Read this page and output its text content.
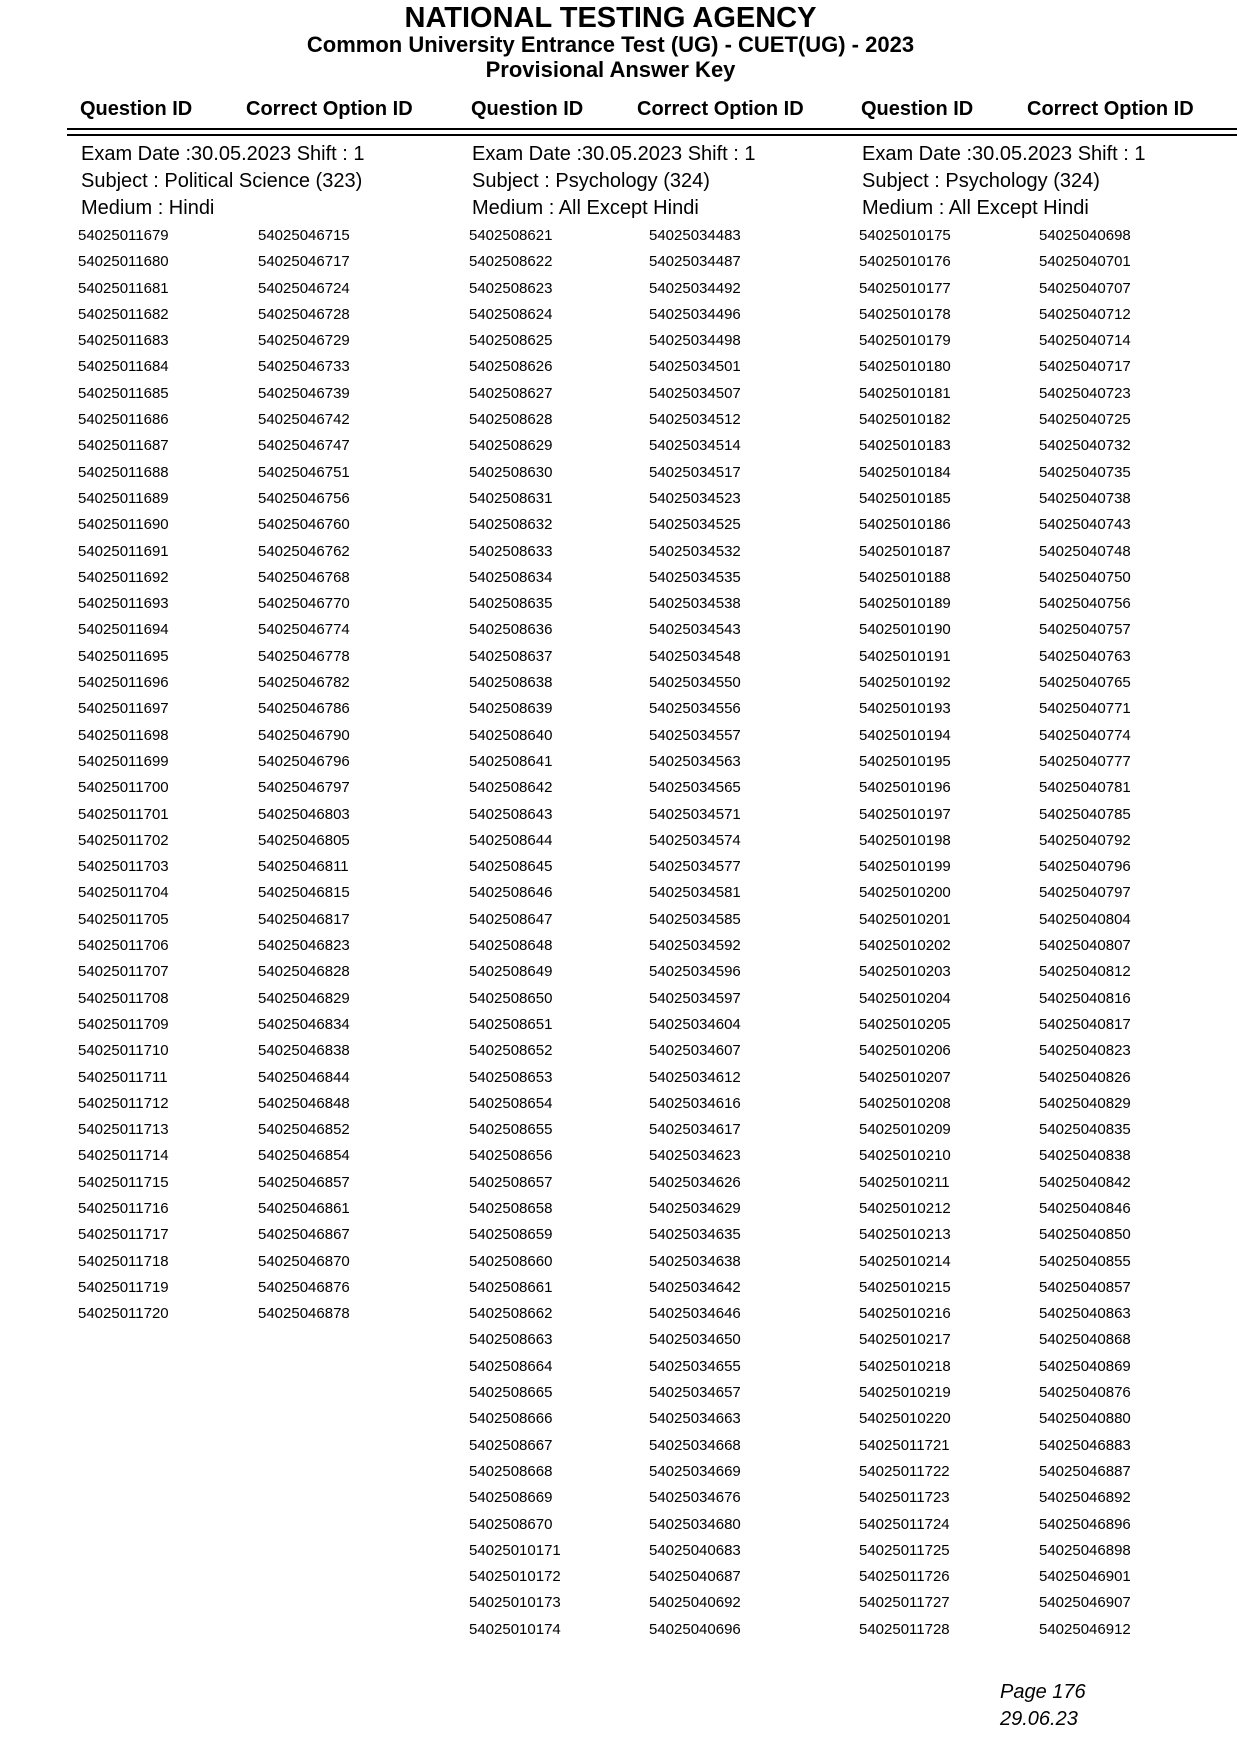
NATIONAL TESTING AGENCY
Common University Entrance Test (UG) - CUET(UG) - 2023
Provisional Answer Key
Question ID	Correct Option ID	Question ID	Correct Option ID	Question ID	Correct Option ID
Exam Date :30.05.2023 Shift : 1
Subject : Political Science (323)
Medium : Hindi
54025011679	54025046715
54025011680	54025046717
54025011681	54025046724
54025011682	54025046728
54025011683	54025046729
54025011684	54025046733
54025011685	54025046739
54025011686	54025046742
54025011687	54025046747
54025011688	54025046751
54025011689	54025046756
54025011690	54025046760
54025011691	54025046762
54025011692	54025046768
54025011693	54025046770
54025011694	54025046774
54025011695	54025046778
54025011696	54025046782
54025011697	54025046786
54025011698	54025046790
54025011699	54025046796
54025011700	54025046797
54025011701	54025046803
54025011702	54025046805
54025011703	54025046811
54025011704	54025046815
54025011705	54025046817
54025011706	54025046823
54025011707	54025046828
54025011708	54025046829
54025011709	54025046834
54025011710	54025046838
54025011711	54025046844
54025011712	54025046848
54025011713	54025046852
54025011714	54025046854
54025011715	54025046857
54025011716	54025046861
54025011717	54025046867
54025011718	54025046870
54025011719	54025046876
54025011720	54025046878
Exam Date :30.05.2023 Shift : 1
Subject : Psychology (324)
Medium : All Except Hindi
5402508621	54025034483
5402508622	54025034487
5402508623	54025034492
5402508624	54025034496
5402508625	54025034498
5402508626	54025034501
5402508627	54025034507
5402508628	54025034512
5402508629	54025034514
5402508630	54025034517
5402508631	54025034523
5402508632	54025034525
5402508633	54025034532
5402508634	54025034535
5402508635	54025034538
5402508636	54025034543
5402508637	54025034548
5402508638	54025034550
5402508639	54025034556
5402508640	54025034557
5402508641	54025034563
5402508642	54025034565
5402508643	54025034571
5402508644	54025034574
5402508645	54025034577
5402508646	54025034581
5402508647	54025034585
5402508648	54025034592
5402508649	54025034596
5402508650	54025034597
5402508651	54025034604
5402508652	54025034607
5402508653	54025034612
5402508654	54025034616
5402508655	54025034617
5402508656	54025034623
5402508657	54025034626
5402508658	54025034629
5402508659	54025034635
5402508660	54025034638
5402508661	54025034642
5402508662	54025034646
5402508663	54025034650
5402508664	54025034655
5402508665	54025034657
5402508666	54025034663
5402508667	54025034668
5402508668	54025034669
5402508669	54025034676
5402508670	54025034680
54025010171	54025040683
54025010172	54025040687
54025010173	54025040692
54025010174	54025040696
Exam Date :30.05.2023 Shift : 1
Subject : Psychology (324)
Medium : All Except Hindi
54025010175	54025040698
54025010176	54025040701
54025010177	54025040707
54025010178	54025040712
54025010179	54025040714
54025010180	54025040717
54025010181	54025040723
54025010182	54025040725
54025010183	54025040732
54025010184	54025040735
54025010185	54025040738
54025010186	54025040743
54025010187	54025040748
54025010188	54025040750
54025010189	54025040756
54025010190	54025040757
54025010191	54025040763
54025010192	54025040765
54025010193	54025040771
54025010194	54025040774
54025010195	54025040777
54025010196	54025040781
54025010197	54025040785
54025010198	54025040792
54025010199	54025040796
54025010200	54025040797
54025010201	54025040804
54025010202	54025040807
54025010203	54025040812
54025010204	54025040816
54025010205	54025040817
54025010206	54025040823
54025010207	54025040826
54025010208	54025040829
54025010209	54025040835
54025010210	54025040838
54025010211	54025040842
54025010212	54025040846
54025010213	54025040850
54025010214	54025040855
54025010215	54025040857
54025010216	54025040863
54025010217	54025040868
54025010218	54025040869
54025010219	54025040876
54025010220	54025040880
54025011721	54025046883
54025011722	54025046887
54025011723	54025046892
54025011724	54025046896
54025011725	54025046898
54025011726	54025046901
54025011727	54025046907
54025011728	54025046912
Page 176
29.06.23
